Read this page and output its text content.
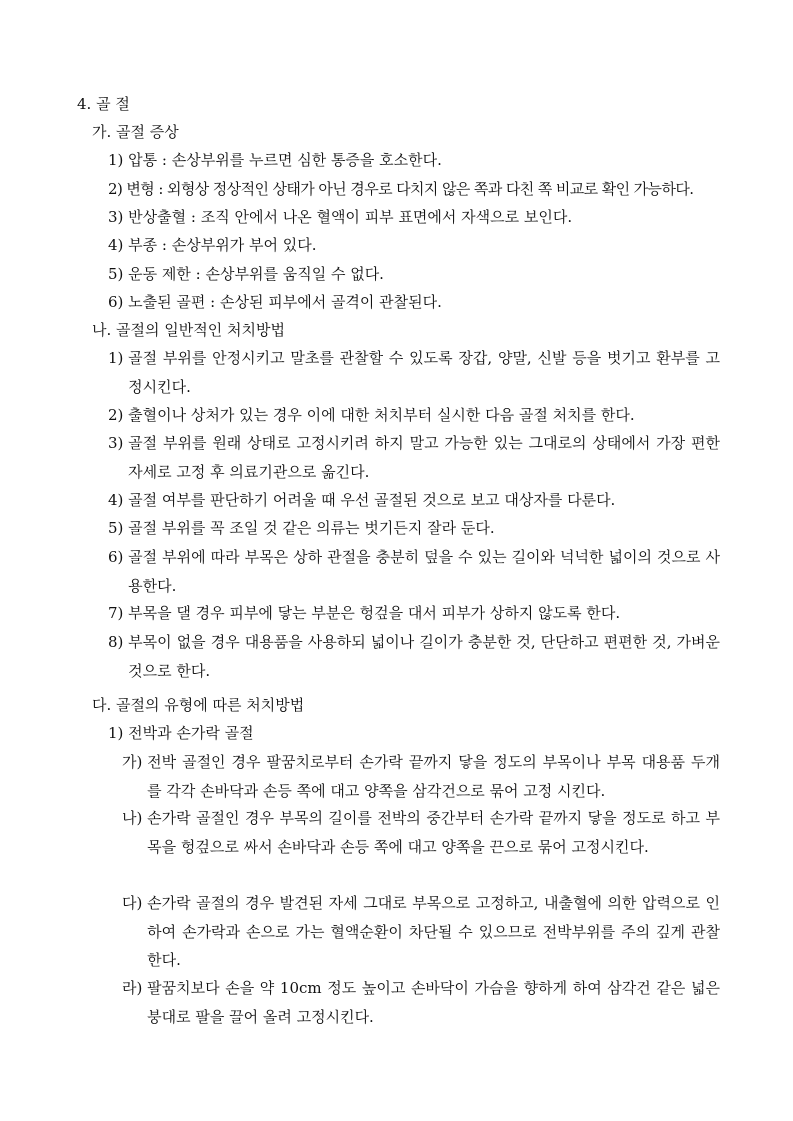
4. 골 절
가. 골절 증상
1) 압통 : 손상부위를 누르면 심한 통증을 호소한다.
2) 변형 : 외형상 정상적인 상태가 아닌 경우로 다치지 않은 쪽과 다친 쪽 비교로 확인 가능하다.
3) 반상출혈 : 조직 안에서 나온 혈액이 피부 표면에서 자색으로 보인다.
4) 부종 : 손상부위가 부어 있다.
5) 운동 제한 : 손상부위를 움직일 수 없다.
6) 노출된 골편 : 손상된 피부에서 골격이 관찰된다.
나. 골절의 일반적인 처치방법
1) 골절 부위를 안정시키고 말초를 관찰할 수 있도록 장갑, 양말, 신발 등을 벗기고 환부를 고정시킨다.
2) 출혈이나 상처가 있는 경우 이에 대한 처치부터 실시한 다음 골절 처치를 한다.
3) 골절 부위를 원래 상태로 고정시키려 하지 말고 가능한 있는 그대로의 상태에서 가장 편한 자세로 고정 후 의료기관으로 옮긴다.
4) 골절 여부를 판단하기 어려울 때 우선 골절된 것으로 보고 대상자를 다룬다.
5) 골절 부위를 꼭 조일 것 같은 의류는 벗기든지 잘라 둔다.
6) 골절 부위에 따라 부목은 상하 관절을 충분히 덮을 수 있는 길이와 넉넉한 넓이의 것으로 사용한다.
7) 부목을 댈 경우 피부에 닿는 부분은 헝겊을 대서 피부가 상하지 않도록 한다.
8) 부목이 없을 경우 대용품을 사용하되 넓이나 길이가 충분한 것, 단단하고 편편한 것, 가벼운 것으로 한다.
다. 골절의 유형에 따른 처치방법
1) 전박과 손가락 골절
가) 전박 골절인 경우 팔꿈치로부터 손가락 끝까지 닿을 정도의 부목이나 부목 대용품 두개를 각각 손바닥과 손등 쪽에 대고 양쪽을 삼각건으로 묶어 고정 시킨다.
나) 손가락 골절인 경우 부목의 길이를 전박의 중간부터 손가락 끝까지 닿을 정도로 하고 부목을 헝겊으로 싸서 손바닥과 손등 쪽에 대고 양쪽을 끈으로 묶어 고정시킨다.
다) 손가락 골절의 경우 발견된 자세 그대로 부목으로 고정하고, 내출혈에 의한 압력으로 인하여 손가락과 손으로 가는 혈액순환이 차단될 수 있으므로 전박부위를 주의 깊게 관찰한다.
라) 팔꿈치보다 손을 약 10cm 정도 높이고 손바닥이 가슴을 향하게 하여 삼각건 같은 넓은 붕대로 팔을 끌어 올려 고정시킨다.
